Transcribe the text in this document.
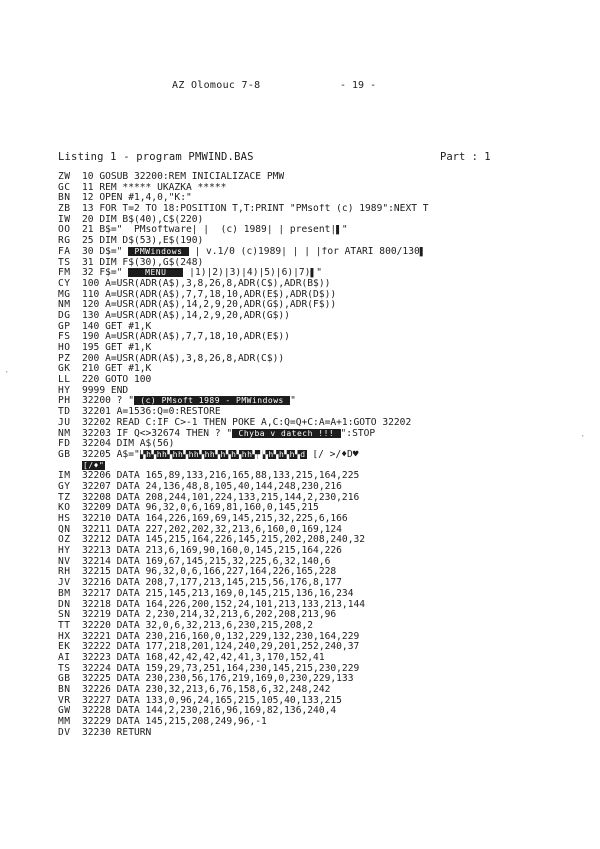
AZ Olomouc 7-8	- 19 -
Listing 1 - program PMWIND.BAS	Part : 1
ZW	10 GOSUB 32200:REM INICIALIZACE PMW
GC	11 REM ***** UKAZKA *****
BN	12 OPEN #1,4,0,"K:"
ZB	13 FOR T=2 TO 18:POSITION T,T:PRINT "PMsoft (c) 1989":NEXT T
IW	20 DIM B$(40),C$(220)
OO	21 B$="  PMsoftware| |  (c) 1989| | present|▌"
RG	25 DIM D$(53),E$(190)
FA	30 D$="  PMWindows  | v.1/0 (c)1989| | | |for ATARI 800/130▌
TS	31 DIM F$(30),G$(248)
FM	32 F$="    MENU    |1)|2)|3)|4)|5)|6)|7)▌"
CY	100 A=USR(ADR(A$),3,8,26,8,ADR(C$),ADR(B$))
MG	110 A=USR(ADR(A$),7,7,18,10,ADR(E$),ADR(D$))
NM	120 A=USR(ADR(A$),14,2,9,20,ADR(G$),ADR(F$))
DG	130 A=USR(ADR(A$),14,2,9,20,ADR(G$))
GP	140 GET #1,K
FS	190 A=USR(ADR(A$),7,7,18,10,ADR(E$))
HO	195 GET #1,K
PZ	200 A=USR(ADR(A$),3,8,26,8,ADR(C$))
GK	210 GET #1,K
LL	220 GOTO 100
HY	9999 END
PH	32200 ? " (c) PMsoft 1989 - PMWindows "
TD	32201 A=1536:Q=0:RESTORE
JU	32202 READ C:IF C>-1 THEN POKE A,C:Q=Q+C:A=A+1:GOTO 32202
NM	32203 IF Q<>32674 THEN ? " Chyba v datech !!! ":STOP
FD	32204 DIM A$(56)
GB	32205 A$="▚h▚hh▚hh▚hh▚hh▚h▚h▚hh▚▟▚h▚h▚h▚d [/ >/♦D♥
[/♦"
IM	32206 DATA 165,89,133,216,165,88,133,215,164,225
GY	32207 DATA 24,136,48,8,105,40,144,248,230,216
TZ	32208 DATA 208,244,101,224,133,215,144,2,230,216
KO	32209 DATA 96,32,0,6,169,81,160,0,145,215
HS	32210 DATA 164,226,169,69,145,215,32,225,6,166
QN	32211 DATA 227,202,202,32,213,6,160,0,169,124
OZ	32212 DATA 145,215,164,226,145,215,202,208,240,32
HY	32213 DATA 213,6,169,90,160,0,145,215,164,226
NV	32214 DATA 169,67,145,215,32,225,6,32,140,6
RH	32215 DATA 96,32,0,6,166,227,164,226,165,228
JV	32216 DATA 208,7,177,213,145,215,56,176,8,177
BM	32217 DATA 215,145,213,169,0,145,215,136,16,234
DN	32218 DATA 164,226,200,152,24,101,213,133,213,144
SN	32219 DATA 2,230,214,32,213,6,202,208,213,96
TT	32220 DATA 32,0,6,32,213,6,230,215,208,2
HX	32221 DATA 230,216,160,0,132,229,132,230,164,229
EK	32222 DATA 177,218,201,124,240,29,201,252,240,37
AI	32223 DATA 168,42,42,42,42,41,3,170,152,41
TS	32224 DATA 159,29,73,251,164,230,145,215,230,229
GB	32225 DATA 230,230,56,176,219,169,0,230,229,133
BN	32226 DATA 230,32,213,6,76,158,6,32,248,242
VR	32227 DATA 133,0,96,24,165,215,105,40,133,215
GW	32228 DATA 144,2,230,216,96,169,82,136,240,4
MM	32229 DATA 145,215,208,249,96,-1
DV	32230 RETURN
·
·
